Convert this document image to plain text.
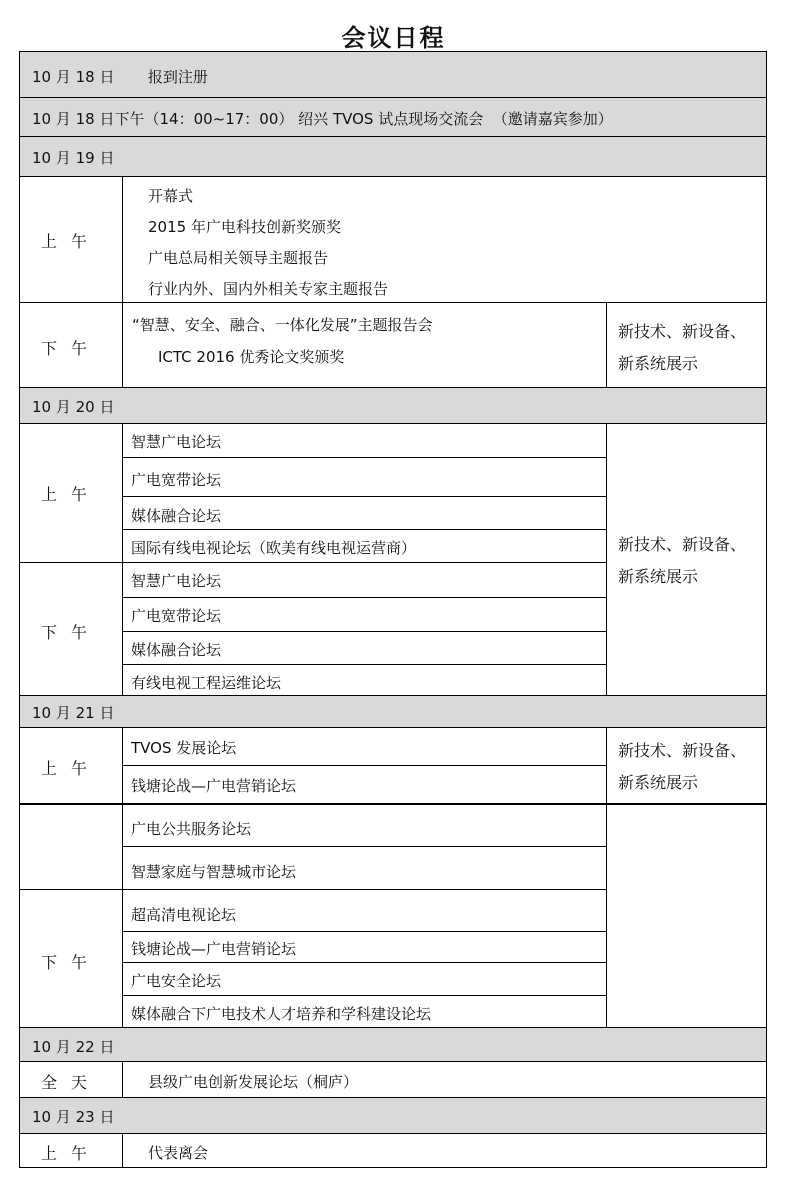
会议日程
10 月 18 日       报到注册
10 月 18 日下午（14：00~17：00） 绍兴 TVOS 试点现场交流会  （邀请嘉宾参加）
10 月 19 日
上午
开幕式
2015 年广电科技创新奖颁奖
广电总局相关领导主题报告
行业内外、国内外相关专家主题报告
下午
“智慧、安全、融合、一体化发展”主题报告会
ICTC 2016 优秀论文奖颁奖
新技术、新设备、
新系统展示
10 月 20 日
上午
下午
智慧广电论坛
广电宽带论坛
媒体融合论坛
国际有线电视论坛（欧美有线电视运营商）
智慧广电论坛
广电宽带论坛
媒体融合论坛
有线电视工程运维论坛
新技术、新设备、
新系统展示
10 月 21 日
上午
下午
TVOS 发展论坛
钱塘论战—广电营销论坛
广电公共服务论坛
智慧家庭与智慧城市论坛
超高清电视论坛
钱塘论战—广电营销论坛
广电安全论坛
媒体融合下广电技术人才培养和学科建设论坛
新技术、新设备、
新系统展示
10 月 22 日
全天	县级广电创新发展论坛（桐庐）
10 月 23 日
上午	代表离会
